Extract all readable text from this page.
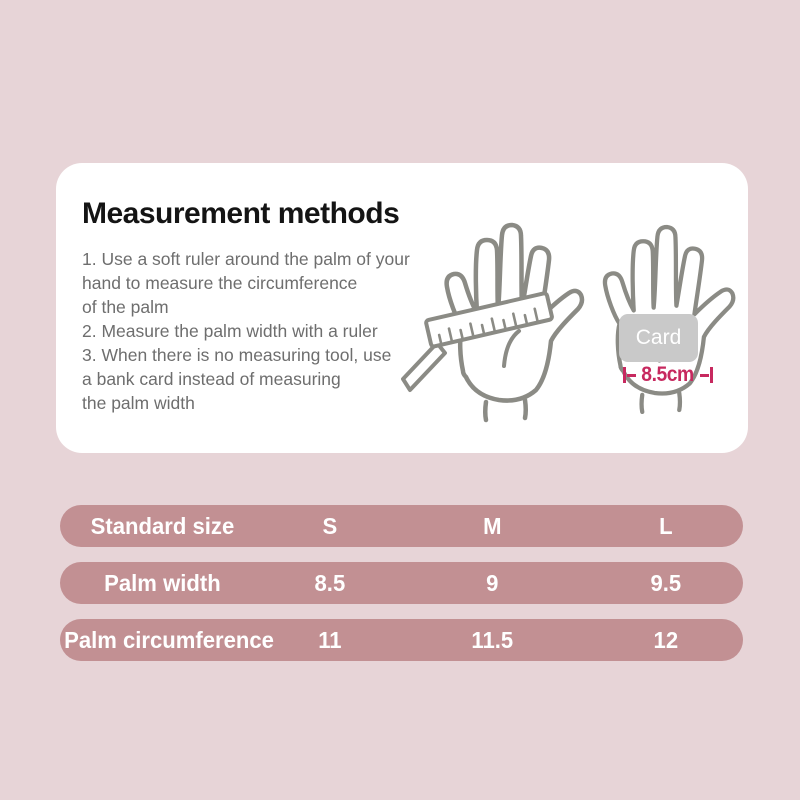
Measurement methods
1. Use a soft ruler around the palm of your
hand to measure the circumference
of the palm
2. Measure the palm width with a ruler
3. When there is no measuring tool, use
a bank card instead of measuring
the palm width
Card
8.5cm
Standard size	S	M	L
Palm width	8.5	9	9.5
Palm circumference	11	11.5	12
